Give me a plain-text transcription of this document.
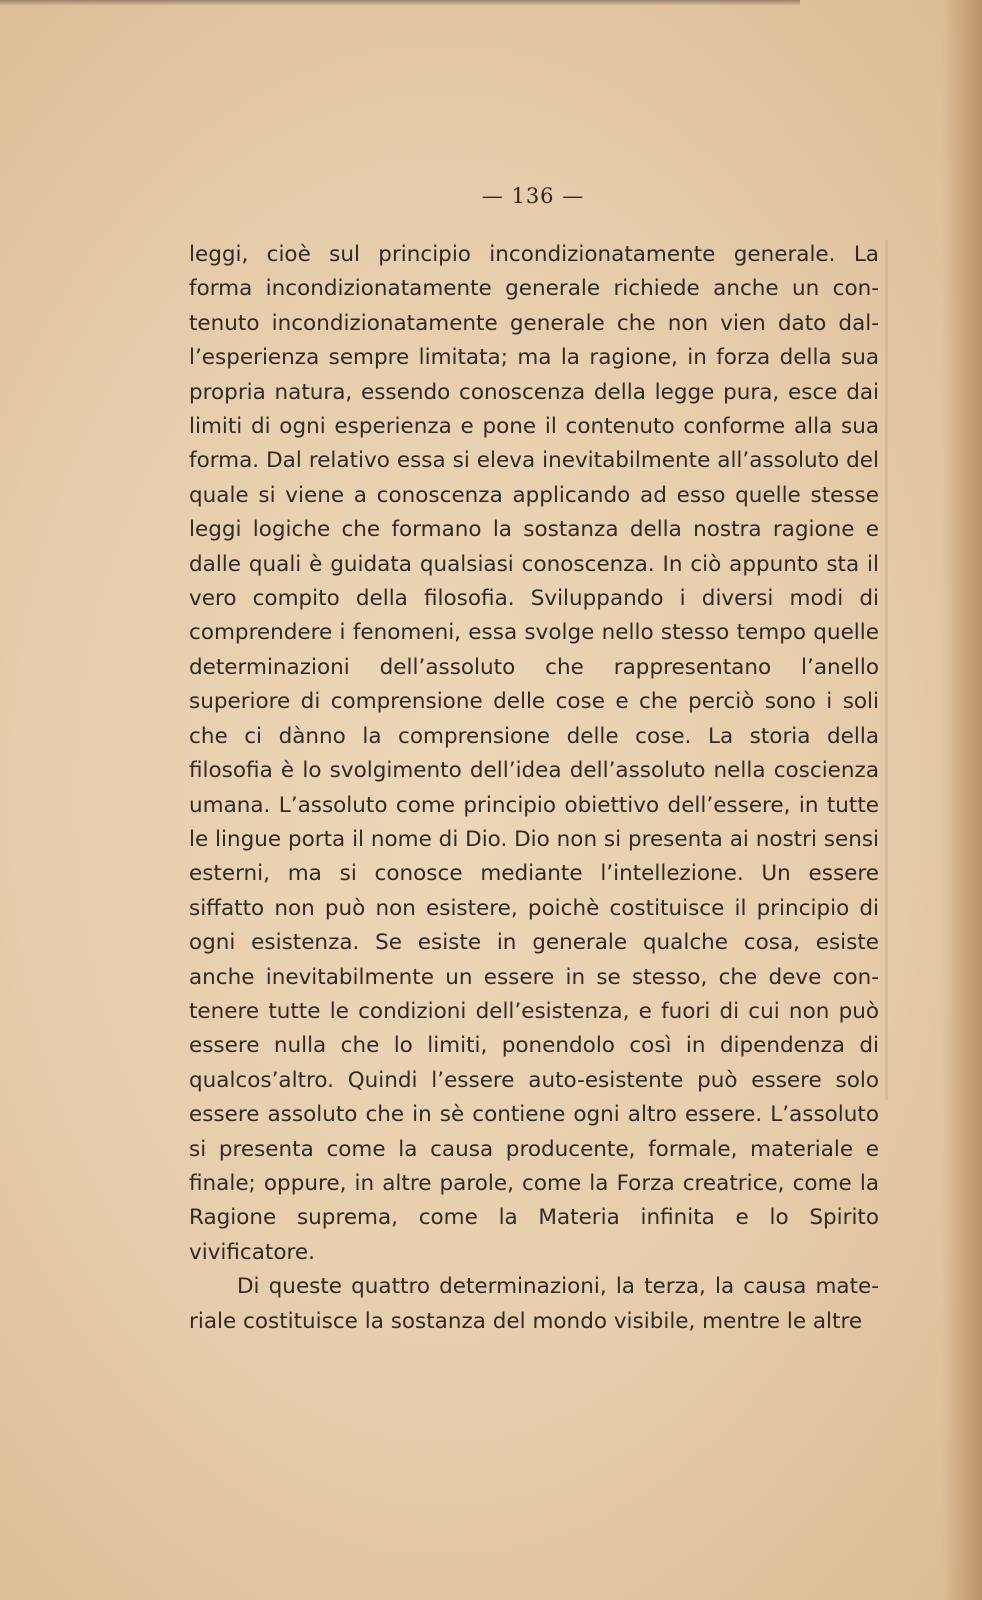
— 136 —

leggi, cioè sul principio incondizionatamente generale. La forma incondizionatamente generale richiede anche un contenuto incondizionatamente generale che non vien dato dall’esperienza sempre limitata; ma la ragione, in forza della sua propria natura, essendo conoscenza della legge pura, esce dai limiti di ogni esperienza e pone il contenuto conforme alla sua forma. Dal relativo essa si eleva inevitabilmente all’assoluto del quale si viene a conoscenza applicando ad esso quelle stesse leggi logiche che formano la sostanza della nostra ragione e dalle quali è guidata qualsiasi conoscenza. In ciò appunto sta il vero compito della filosofia. Sviluppando i diversi modi di comprendere i fenomeni, essa svolge nello stesso tempo quelle determinazioni dell’assoluto che rappresentano l’anello superiore di comprensione delle cose e che perciò sono i soli che ci dànno la comprensione delle cose. La storia della filosofia è lo svolgimento dell’idea dell’assoluto nella coscienza umana. L’assoluto come principio obiettivo dell’essere, in tutte le lingue porta il nome di Dio. Dio non si presenta ai nostri sensi esterni, ma si conosce mediante l’intellezione. Un essere siffatto non può non esistere, poichè costituisce il principio di ogni esistenza. Se esiste in generale qualche cosa, esiste anche inevitabilmente un essere in se stesso, che deve contenere tutte le condizioni dell’esistenza, e fuori di cui non può essere nulla che lo limiti, ponendolo così in dipendenza di qualcos’altro. Quindi l’essere auto-esistente può essere solo essere assoluto che in sè contiene ogni altro essere. L’assoluto si presenta come la causa producente, formale, materiale e finale; oppure, in altre parole, come la Forza creatrice, come la Ragione suprema, come la Materia infinita e lo Spirito vivificatore.

Di queste quattro determinazioni, la terza, la causa materiale costituisce la sostanza del mondo visibile, mentre le altre
